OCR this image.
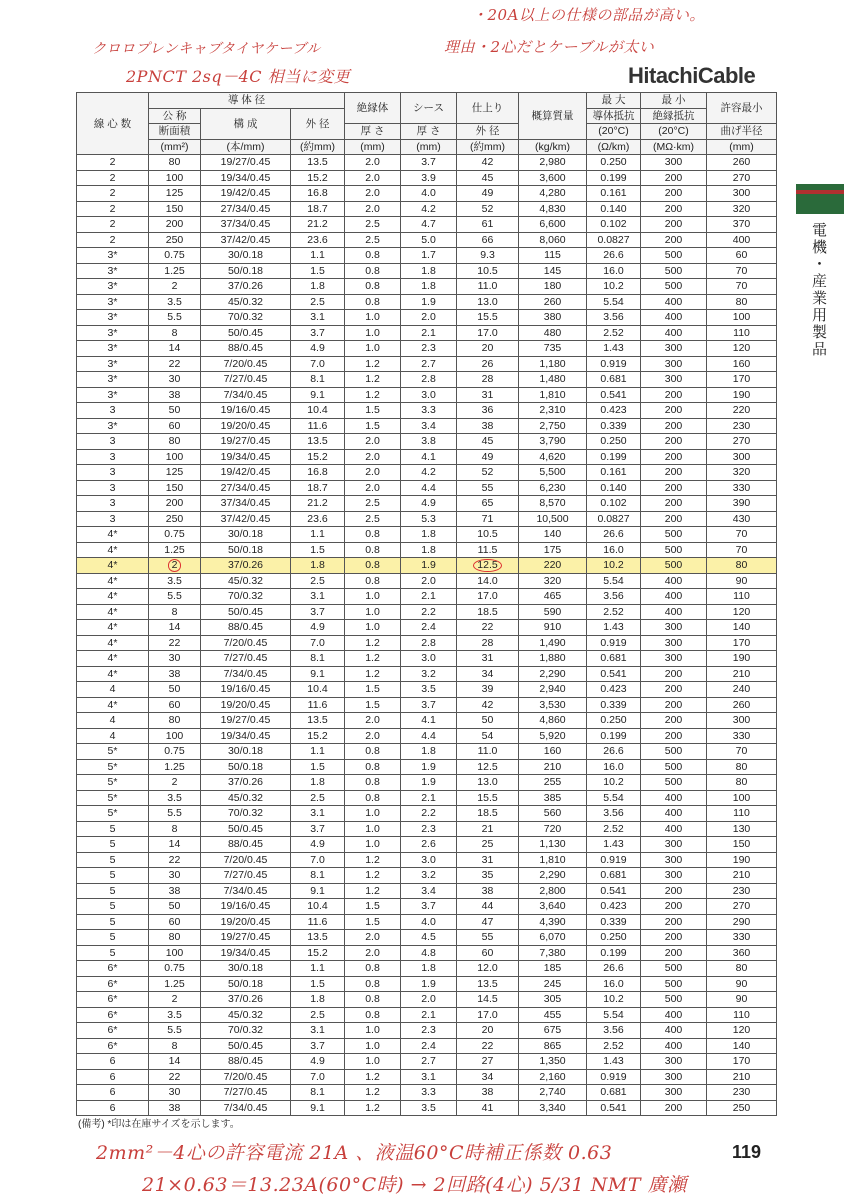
クロロプレンキャブタイヤケーブル
2PNCT 2sq－4C 相当に変更
・20A以上の仕様の部品が高い。
理由・2心だとケーブルが太い
HitachiCable
電機・産業用製品
線 心 数	導 体 径			絶縁体	シース	仕上り	概算質量	最 大	最 小	許容最小
	公 称	構 成	外 径					導体抵抗	絶縁抵抗	
	断面積			厚 さ	厚 さ	外 径		(20°C)	(20°C)	曲げ半径
	(mm²)	(本/mm)	(約mm)	(mm)	(mm)	(約mm)	(kg/km)	(Ω/km)	(MΩ·km)	(mm)
2	80	19/27/0.45	13.5	2.0	3.7	42	2,980	0.250	300	260
2	100	19/34/0.45	15.2	2.0	3.9	45	3,600	0.199	200	270
2	125	19/42/0.45	16.8	2.0	4.0	49	4,280	0.161	200	300
2	150	27/34/0.45	18.7	2.0	4.2	52	4,830	0.140	200	320
2	200	37/34/0.45	21.2	2.5	4.7	61	6,600	0.102	200	370
2	250	37/42/0.45	23.6	2.5	5.0	66	8,060	0.0827	200	400
3*	0.75	30/0.18	1.1	0.8	1.7	9.3	115	26.6	500	60
3*	1.25	50/0.18	1.5	0.8	1.8	10.5	145	16.0	500	70
3*	2	37/0.26	1.8	0.8	1.8	11.0	180	10.2	500	70
3*	3.5	45/0.32	2.5	0.8	1.9	13.0	260	5.54	400	80
3*	5.5	70/0.32	3.1	1.0	2.0	15.5	380	3.56	400	100
3*	8	50/0.45	3.7	1.0	2.1	17.0	480	2.52	400	110
3*	14	88/0.45	4.9	1.0	2.3	20	735	1.43	300	120
3*	22	7/20/0.45	7.0	1.2	2.7	26	1,180	0.919	300	160
3*	30	7/27/0.45	8.1	1.2	2.8	28	1,480	0.681	300	170
3*	38	7/34/0.45	9.1	1.2	3.0	31	1,810	0.541	200	190
3	50	19/16/0.45	10.4	1.5	3.3	36	2,310	0.423	200	220
3*	60	19/20/0.45	11.6	1.5	3.4	38	2,750	0.339	200	230
3	80	19/27/0.45	13.5	2.0	3.8	45	3,790	0.250	200	270
3	100	19/34/0.45	15.2	2.0	4.1	49	4,620	0.199	200	300
3	125	19/42/0.45	16.8	2.0	4.2	52	5,500	0.161	200	320
3	150	27/34/0.45	18.7	2.0	4.4	55	6,230	0.140	200	330
3	200	37/34/0.45	21.2	2.5	4.9	65	8,570	0.102	200	390
3	250	37/42/0.45	23.6	2.5	5.3	71	10,500	0.0827	200	430
4*	0.75	30/0.18	1.1	0.8	1.8	10.5	140	26.6	500	70
4*	1.25	50/0.18	1.5	0.8	1.8	11.5	175	16.0	500	70
4*	2	37/0.26	1.8	0.8	1.9	12.5	220	10.2	500	80
4*	3.5	45/0.32	2.5	0.8	2.0	14.0	320	5.54	400	90
4*	5.5	70/0.32	3.1	1.0	2.1	17.0	465	3.56	400	110
4*	8	50/0.45	3.7	1.0	2.2	18.5	590	2.52	400	120
4*	14	88/0.45	4.9	1.0	2.4	22	910	1.43	300	140
4*	22	7/20/0.45	7.0	1.2	2.8	28	1,490	0.919	300	170
4*	30	7/27/0.45	8.1	1.2	3.0	31	1,880	0.681	300	190
4*	38	7/34/0.45	9.1	1.2	3.2	34	2,290	0.541	200	210
4	50	19/16/0.45	10.4	1.5	3.5	39	2,940	0.423	200	240
4*	60	19/20/0.45	11.6	1.5	3.7	42	3,530	0.339	200	260
4	80	19/27/0.45	13.5	2.0	4.1	50	4,860	0.250	200	300
4	100	19/34/0.45	15.2	2.0	4.4	54	5,920	0.199	200	330
5*	0.75	30/0.18	1.1	0.8	1.8	11.0	160	26.6	500	70
5*	1.25	50/0.18	1.5	0.8	1.9	12.5	210	16.0	500	80
5*	2	37/0.26	1.8	0.8	1.9	13.0	255	10.2	500	80
5*	3.5	45/0.32	2.5	0.8	2.1	15.5	385	5.54	400	100
5*	5.5	70/0.32	3.1	1.0	2.2	18.5	560	3.56	400	110
5	8	50/0.45	3.7	1.0	2.3	21	720	2.52	400	130
5	14	88/0.45	4.9	1.0	2.6	25	1,130	1.43	300	150
5	22	7/20/0.45	7.0	1.2	3.0	31	1,810	0.919	300	190
5	30	7/27/0.45	8.1	1.2	3.2	35	2,290	0.681	300	210
5	38	7/34/0.45	9.1	1.2	3.4	38	2,800	0.541	200	230
5	50	19/16/0.45	10.4	1.5	3.7	44	3,640	0.423	200	270
5	60	19/20/0.45	11.6	1.5	4.0	47	4,390	0.339	200	290
5	80	19/27/0.45	13.5	2.0	4.5	55	6,070	0.250	200	330
5	100	19/34/0.45	15.2	2.0	4.8	60	7,380	0.199	200	360
6*	0.75	30/0.18	1.1	0.8	1.8	12.0	185	26.6	500	80
6*	1.25	50/0.18	1.5	0.8	1.9	13.5	245	16.0	500	90
6*	2	37/0.26	1.8	0.8	2.0	14.5	305	10.2	500	90
6*	3.5	45/0.32	2.5	0.8	2.1	17.0	455	5.54	400	110
6*	5.5	70/0.32	3.1	1.0	2.3	20	675	3.56	400	120
6*	8	50/0.45	3.7	1.0	2.4	22	865	2.52	400	140
6	14	88/0.45	4.9	1.0	2.7	27	1,350	1.43	300	170
6	22	7/20/0.45	7.0	1.2	3.1	34	2,160	0.919	300	210
6	30	7/27/0.45	8.1	1.2	3.3	38	2,740	0.681	300	230
6	38	7/34/0.45	9.1	1.2	3.5	41	3,340	0.541	200	250
(備考) *印は在庫サイズを示します。
2mm²－4心の許容電流 21A 、液温60°C時補正係数 0.63
21×0.63＝13.23A(60°C時) → 2回路(4心) 5/31 NMT 廣瀬
119
